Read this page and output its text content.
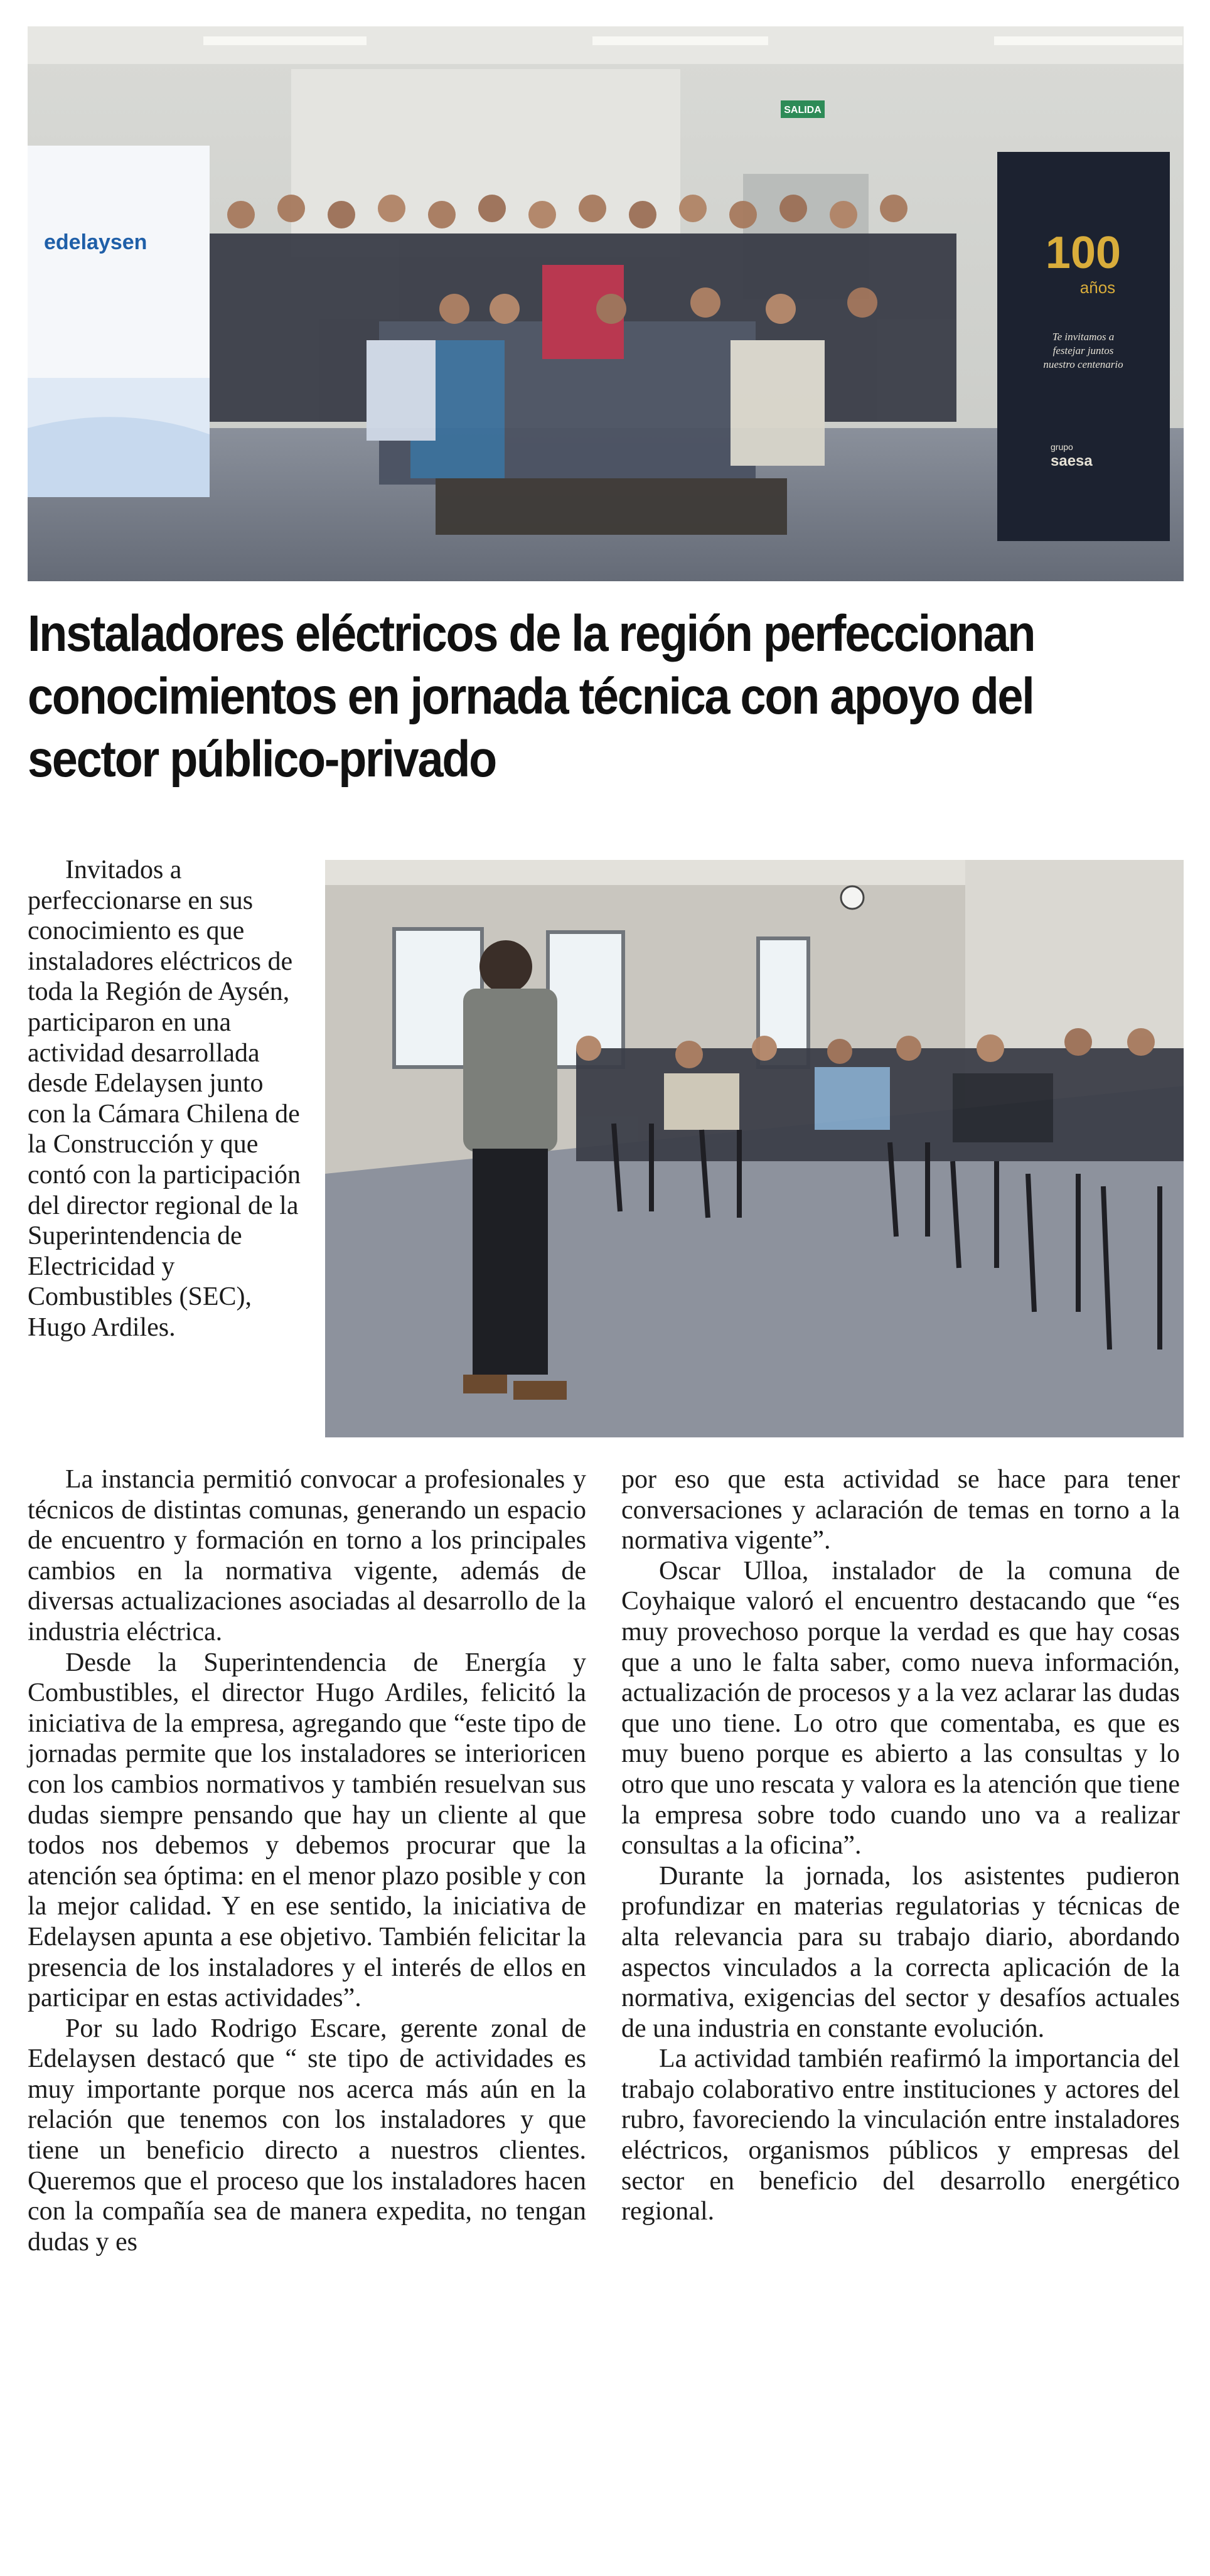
SALIDA
edelaysen	100
años
Te invitamos a
festejar juntos
nuestro centenario
grupo
saesa
Instaladores eléctricos de la región perfeccionan conocimientos en jornada técnica con apoyo del sector público-privado

Invitados a perfeccionarse en sus conocimiento es que instaladores eléctricos de toda la Región de Aysén, participaron en una actividad desarrollada desde Edelaysen junto con la Cámara Chilena de la Construcción y que contó con la participación del director regional de la Superintendencia de Electricidad y Combustibles (SEC), Hugo Ardiles.

La instancia permitió convocar a profesionales y técnicos de distintas comunas, generando un espacio de encuentro y formación en torno a los principales cambios en la normativa vigente, además de diversas actualizaciones asociadas al desarrollo de la industria eléctrica.

Desde la Superintendencia de Energía y Combustibles, el director Hugo Ardiles, felicitó la iniciativa de la empresa, agregando que “este tipo de jornadas permite que los instaladores se interioricen con los cambios normativos y también resuelvan sus dudas siempre pensando que hay un cliente al que todos nos debemos y debemos procurar que la atención sea óptima: en el menor plazo posible y con la mejor calidad. Y en ese sentido, la iniciativa de Edelaysen apunta a ese objetivo. También felicitar la presencia de los instaladores y el interés de ellos en participar en estas actividades”.

Por su lado Rodrigo Escare, gerente zonal de Edelaysen destacó que “ ste tipo de actividades es muy importante porque nos acerca más aún en la relación que tenemos con los instaladores y que tiene un beneficio directo a nuestros clientes. Queremos que el proceso que los instaladores hacen con la compañía sea de manera expedita, no tengan dudas y es

por eso que esta actividad se hace para tener conversaciones y aclaración de temas en torno a la normativa vigente”.

Oscar Ulloa, instalador de la comuna de Coyhaique valoró el encuentro destacando que “es muy provechoso porque la verdad es que hay cosas que a uno le falta saber, como nueva información, actualización de procesos y a la vez aclarar las dudas que uno tiene. Lo otro que comentaba, es que es muy bueno porque es abierto a las consultas y lo otro que uno rescata y valora es la atención que tiene la empresa sobre todo cuando uno va a realizar consultas a la oficina”.

Durante la jornada, los asistentes pudieron profundizar en materias regulatorias y técnicas de alta relevancia para su trabajo diario, abordando aspectos vinculados a la correcta aplicación de la normativa, exigencias del sector y desafíos actuales de una industria en constante evolución.

La actividad también reafirmó la importancia del trabajo colaborativo entre instituciones y actores del rubro, favoreciendo la vinculación entre instaladores eléctricos, organismos públicos y empresas del sector en beneficio del desarrollo energético regional.
